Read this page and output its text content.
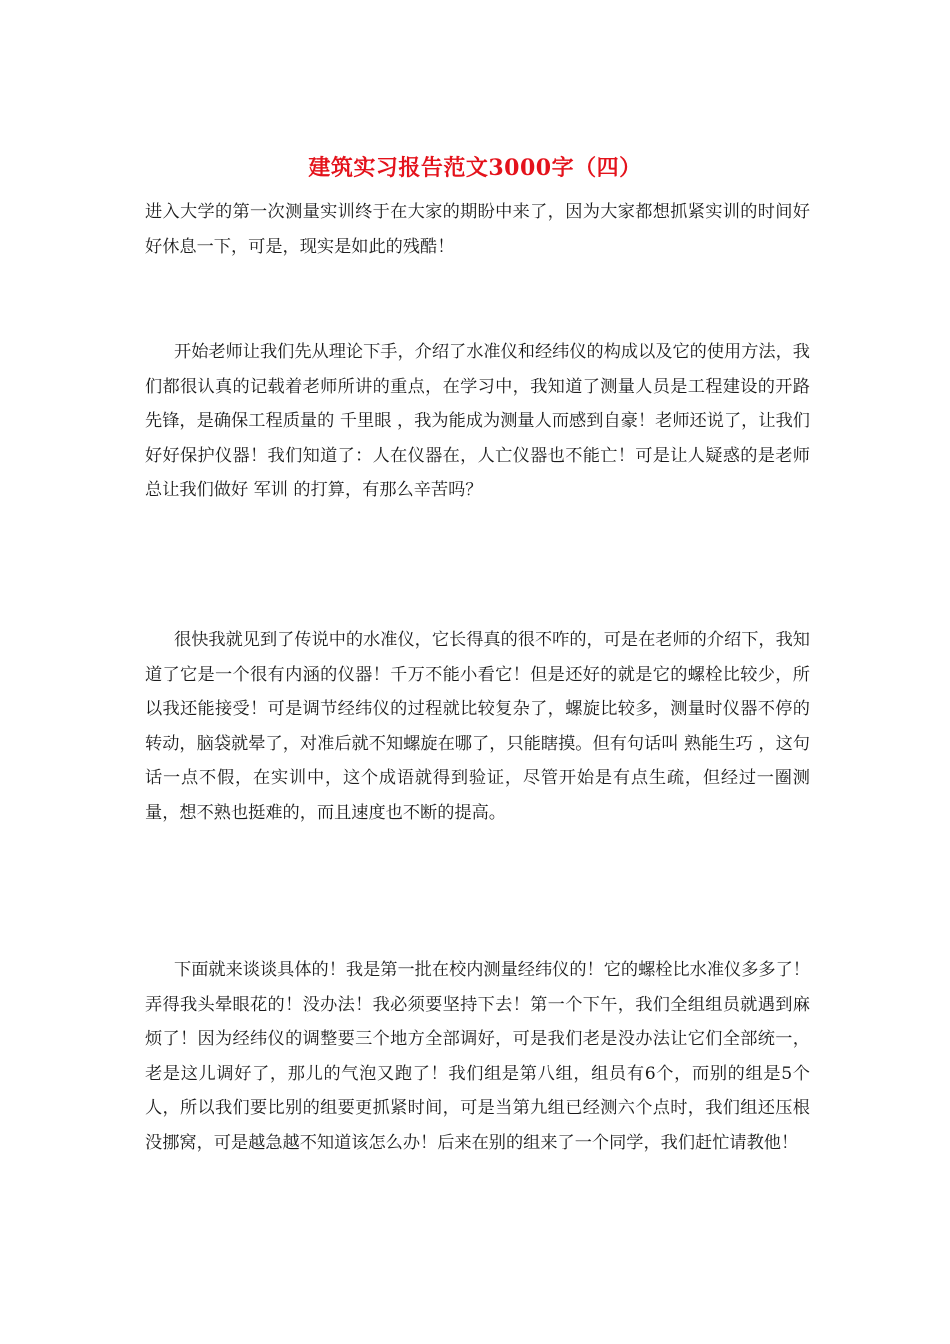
建筑实习报告范文3000字（四）

进入大学的第一次测量实训终于在大家的期盼中来了，因为大家都想抓紧实训的时间好好休息一下，可是，现实是如此的残酷！

开始老师让我们先从理论下手，介绍了水准仪和经纬仪的构成以及它的使用方法，我们都很认真的记载着老师所讲的重点，在学习中，我知道了测量人员是工程建设的开路先锋，是确保工程质量的 千里眼 ，我为能成为测量人而感到自豪！老师还说了，让我们好好保护仪器！我们知道了：人在仪器在，人亡仪器也不能亡！可是让人疑惑的是老师总让我们做好 军训 的打算，有那么辛苦吗？

很快我就见到了传说中的水准仪，它长得真的很不咋的，可是在老师的介绍下，我知道了它是一个很有内涵的仪器！千万不能小看它！但是还好的就是它的螺栓比较少，所以我还能接受！可是调节经纬仪的过程就比较复杂了，螺旋比较多，测量时仪器不停的转动，脑袋就晕了，对准后就不知螺旋在哪了，只能瞎摸。但有句话叫 熟能生巧 ，这句话一点不假，在实训中，这个成语就得到验证，尽管开始是有点生疏，但经过一圈测量，想不熟也挺难的，而且速度也不断的提高。

下面就来谈谈具体的！我是第一批在校内测量经纬仪的！它的螺栓比水准仪多多了！弄得我头晕眼花的！没办法！我必须要坚持下去！第一个下午，我们全组组员就遇到麻烦了！因为经纬仪的调整要三个地方全部调好，可是我们老是没办法让它们全部统一，老是这儿调好了，那儿的气泡又跑了！我们组是第八组，组员有6个，而别的组是5个人，所以我们要比别的组要更抓紧时间，可是当第九组已经测六个点时，我们组还压根没挪窝，可是越急越不知道该怎么办！后来在别的组来了一个同学，我们赶忙请教他！
